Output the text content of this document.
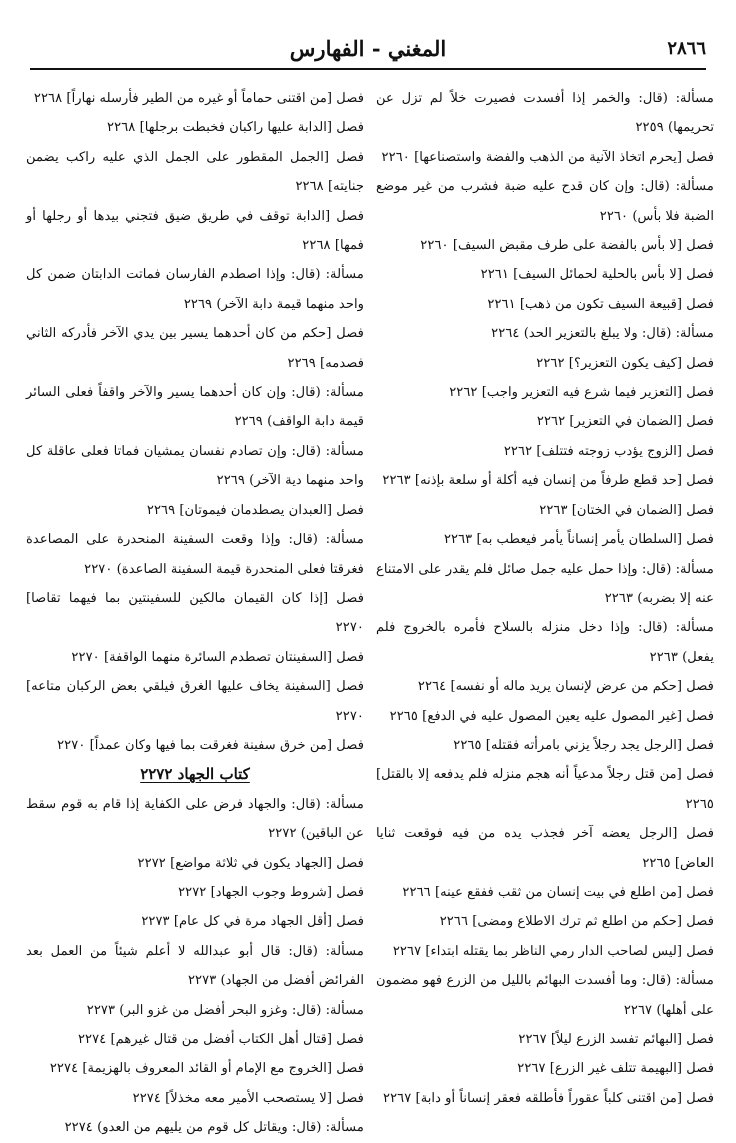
٢٨٦٦
المغني - الفهارس
مسألة: (قال: والخمر إذا أفسدت فصيرت خلاً لم تزل عن تحريمها) ٢٢٥٩
فصل [يحرم اتخاذ الآنية من الذهب والفضة واستصناعها] ٢٢٦٠
مسألة: (قال: وإن كان قدح عليه ضبة فشرب من غير موضع الضبة فلا بأس) ٢٢٦٠
فصل [لا بأس بالفضة على طرف مقبض السيف] ٢٢٦٠
فصل [لا بأس بالحلية لحمائل السيف] ٢٢٦١
فصل [قبيعة السيف تكون من ذهب] ٢٢٦١
مسألة: (قال: ولا يبلغ بالتعزير الحد) ٢٢٦٤
فصل [كيف يكون التعزير؟] ٢٢٦٢
فصل [التعزير فيما شرع فيه التعزير واجب] ٢٢٦٢
فصل [الضمان في التعزير] ٢٢٦٢
فصل [الزوج يؤدب زوجته فتتلف] ٢٢٦٢
فصل [حد قطع طرفاً من إنسان فيه أكلة أو سلعة بإذنه] ٢٢٦٣
فصل [الضمان في الختان] ٢٢٦٣
فصل [السلطان يأمر إنساناً يأمر فيعطب به] ٢٢٦٣
مسألة: (قال: وإذا حمل عليه جمل صائل فلم يقدر على الامتناع عنه إلا بضربه) ٢٢٦٣
مسألة: (قال: وإذا دخل منزله بالسلاح فأمره بالخروج فلم يفعل) ٢٢٦٣
فصل [حكم من عرض لإنسان يريد ماله أو نفسه] ٢٢٦٤
فصل [غير المصول عليه يعين المصول عليه في الدفع] ٢٢٦٥
فصل [الرجل يجد رجلاً يزني بامرأته فقتله] ٢٢٦٥
فصل [من قتل رجلاً مدعياً أنه هجم منزله فلم يدفعه إلا بالقتل] ٢٢٦٥
فصل [الرجل يعضه آخر فجذب يده من فيه فوقعت ثنايا العاض] ٢٢٦٥
فصل [من اطلع في بيت إنسان من ثقب ففقع عينه] ٢٢٦٦
فصل [حكم من اطلع ثم ترك الاطلاع ومضى] ٢٢٦٦
فصل [ليس لصاحب الدار رمي الناظر بما يقتله ابتداء] ٢٢٦٧
مسألة: (قال: وما أفسدت البهائم بالليل من الزرع فهو مضمون على أهلها) ٢٢٦٧
فصل [البهائم تفسد الزرع ليلاً] ٢٢٦٧
فصل [البهيمة تتلف غير الزرع] ٢٢٦٧
فصل [من اقتنى كلباً عقوراً فأطلقه فعقر إنساناً أو دابة] ٢٢٦٧
فصل [من اقتنى حماماً أو غيره من الطير فأرسله نهاراً] ٢٢٦٨
فصل [الدابة عليها راكبان فخبطت برجلها] ٢٢٦٨
فصل [الجمل المقطور على الجمل الذي عليه راكب يضمن جنايته] ٢٢٦٨
فصل [الدابة توقف في طريق ضيق فتجني بيدها أو رجلها أو فمها] ٢٢٦٨
مسألة: (قال: وإذا اصطدم الفارسان فماتت الدابتان ضمن كل واحد منهما قيمة دابة الآخر) ٢٢٦٩
فصل [حكم من كان أحدهما يسير بين يدي الآخر فأدركه الثاني فصدمه] ٢٢٦٩
مسألة: (قال: وإن كان أحدهما يسير والآخر واقفاً فعلى السائر قيمة دابة الواقف) ٢٢٦٩
مسألة: (قال: وإن تصادم نفسان يمشيان فماتا فعلى عاقلة كل واحد منهما دية الآخر) ٢٢٦٩
فصل [العبدان يصطدمان فيموتان] ٢٢٦٩
مسألة: (قال: وإذا وقعت السفينة المنحدرة على المصاعدة فغرقتا فعلى المنحدرة قيمة السفينة الصاعدة) ٢٢٧٠
فصل [إذا كان القيمان مالكين للسفينتين بما فيهما تقاصا] ٢٢٧٠
فصل [السفينتان تصطدم السائرة منهما الواقفة] ٢٢٧٠
فصل [السفينة يخاف عليها الغرق فيلقي بعض الركبان متاعه] ٢٢٧٠
فصل [من خرق سفينة فغرقت بما فيها وكان عمداً] ٢٢٧٠
كتاب الجهاد ٢٢٧٢
مسألة: (قال: والجهاد فرض على الكفاية إذا قام به قوم سقط عن الباقين) ٢٢٧٢
فصل [الجهاد يكون في ثلاثة مواضع] ٢٢٧٢
فصل [شروط وجوب الجهاد] ٢٢٧٢
فصل [أقل الجهاد مرة في كل عام] ٢٢٧٣
مسألة: (قال: قال أبو عبدالله لا أعلم شيئاً من العمل بعد الفرائض أفضل من الجهاد) ٢٢٧٣
مسألة: (قال: وغزو البحر أفضل من غزو البر) ٢٢٧٣
فصل [قتال أهل الكتاب أفضل من قتال غيرهم] ٢٢٧٤
فصل [الخروج مع الإمام أو القائد المعروف بالهزيمة] ٢٢٧٤
فصل [لا يستصحب الأمير معه مخذلاً] ٢٢٧٤
مسألة: (قال: ويقاتل كل قوم من يليهم من العدو) ٢٢٧٤
